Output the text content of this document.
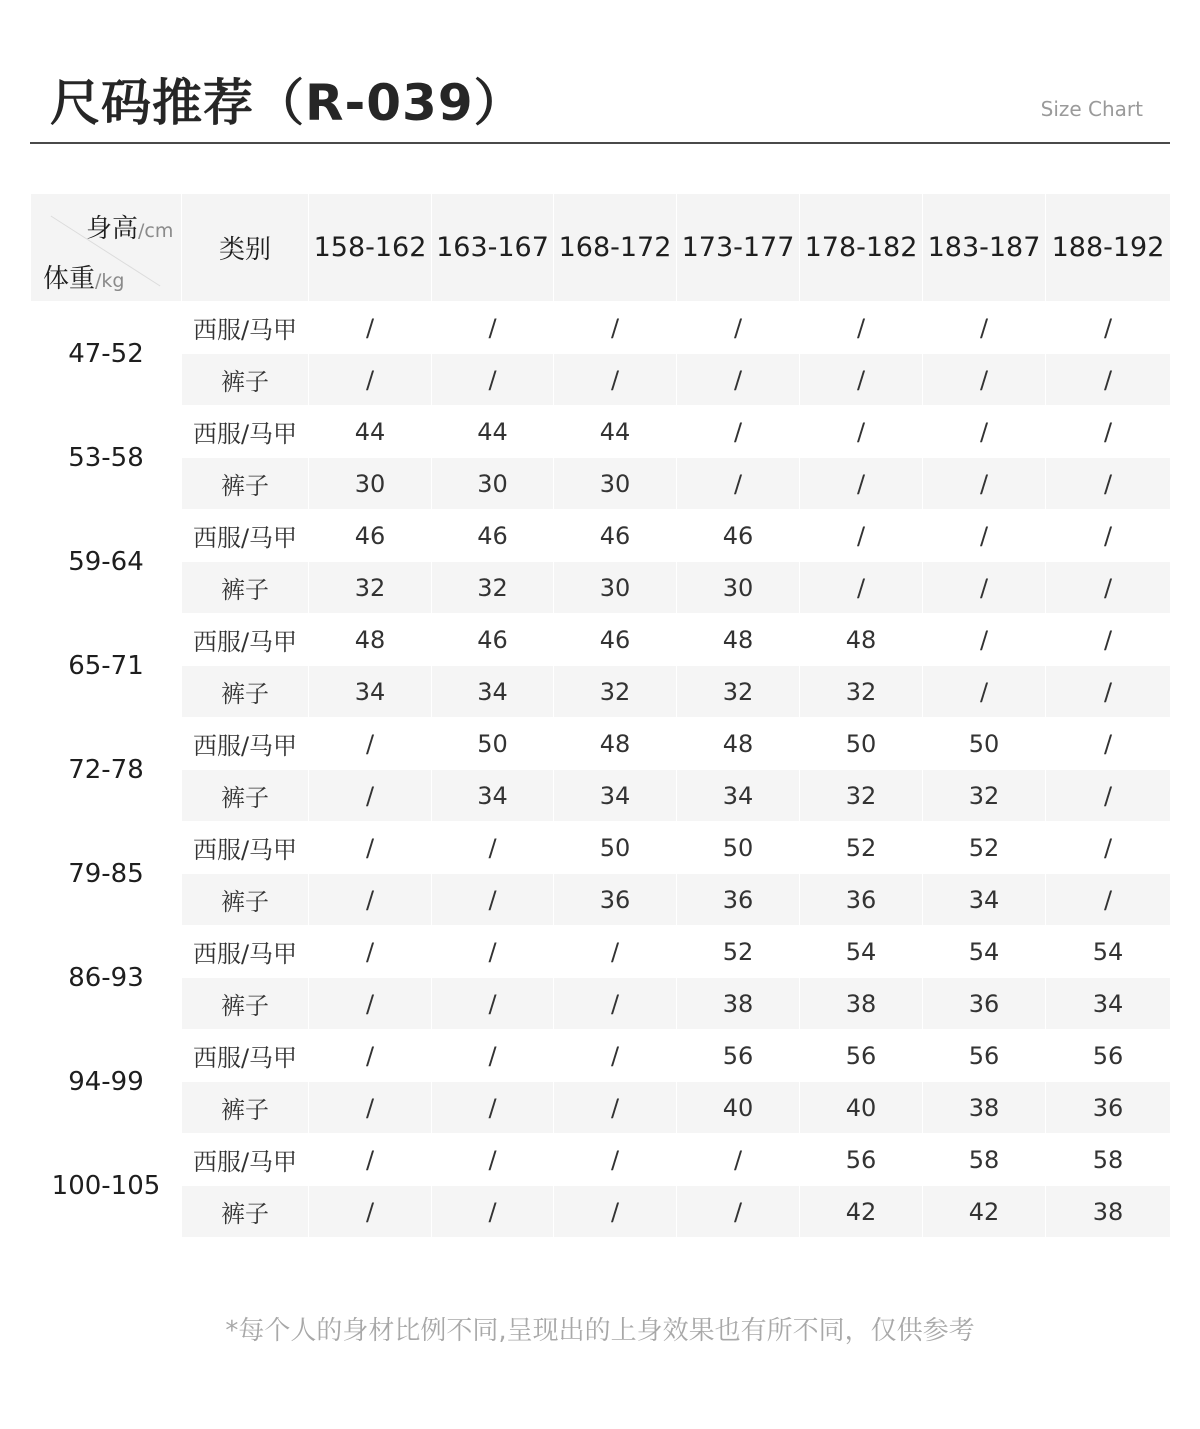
尺码推荐（R-039）	Size Chart
身高/cm
体重/kg	类别	158-162	163-167	168-172	173-177	178-182	183-187	188-192
47-52	西服/马甲	/	/	/	/	/	/	/
	裤子	/	/	/	/	/	/	/
53-58	西服/马甲	44	44	44	/	/	/	/
	裤子	30	30	30	/	/	/	/
59-64	西服/马甲	46	46	46	46	/	/	/
	裤子	32	32	30	30	/	/	/
65-71	西服/马甲	48	46	46	48	48	/	/
	裤子	34	34	32	32	32	/	/
72-78	西服/马甲	/	50	48	48	50	50	/
	裤子	/	34	34	34	32	32	/
79-85	西服/马甲	/	/	50	50	52	52	/
	裤子	/	/	36	36	36	34	/
86-93	西服/马甲	/	/	/	52	54	54	54
	裤子	/	/	/	38	38	36	34
94-99	西服/马甲	/	/	/	56	56	56	56
	裤子	/	/	/	40	40	38	36
100-105	西服/马甲	/	/	/	/	56	58	58
	裤子	/	/	/	/	42	42	38
*每个人的身材比例不同,呈现出的上身效果也有所不同，仅供参考
